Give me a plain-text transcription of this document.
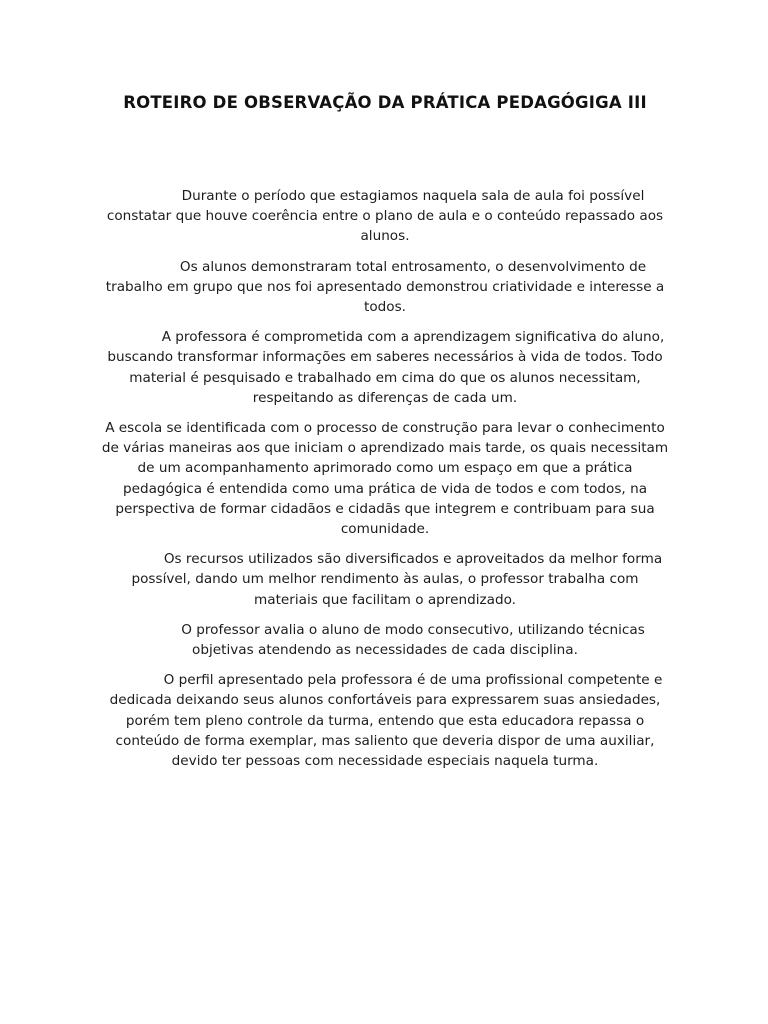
ROTEIRO DE OBSERVAÇÃO DA PRÁTICA PEDAGÓGIGA III

Durante o período que estagiamos naquela sala de aula foi possível constatar que houve coerência entre o plano de aula e o conteúdo repassado aos alunos.

Os alunos demonstraram total entrosamento, o desenvolvimento de trabalho em grupo que nos foi apresentado demonstrou criatividade e interesse a todos.

A professora é comprometida com a aprendizagem significativa do aluno, buscando transformar informações em saberes necessários à vida de todos. Todo material é pesquisado e trabalhado em cima do que os alunos necessitam, respeitando as diferenças de cada um.

A escola se identificada com o processo de construção para levar o conhecimento de várias maneiras aos que iniciam o aprendizado mais tarde, os quais necessitam de um acompanhamento aprimorado como um espaço em que a prática pedagógica é entendida como uma prática de vida de todos e com todos, na perspectiva de formar cidadãos e cidadãs que integrem e contribuam para sua comunidade.

Os recursos utilizados são diversificados e aproveitados da melhor forma possível, dando um melhor rendimento às aulas, o professor trabalha com materiais que facilitam o aprendizado.

O professor avalia o aluno de modo consecutivo, utilizando técnicas objetivas atendendo as necessidades de cada disciplina.

O perfil apresentado pela professora é de uma profissional competente e dedicada deixando seus alunos confortáveis para expressarem suas ansiedades, porém tem pleno controle da turma, entendo que esta educadora repassa o conteúdo de forma exemplar, mas saliento que deveria dispor de uma auxiliar, devido ter pessoas com necessidade especiais naquela turma.
